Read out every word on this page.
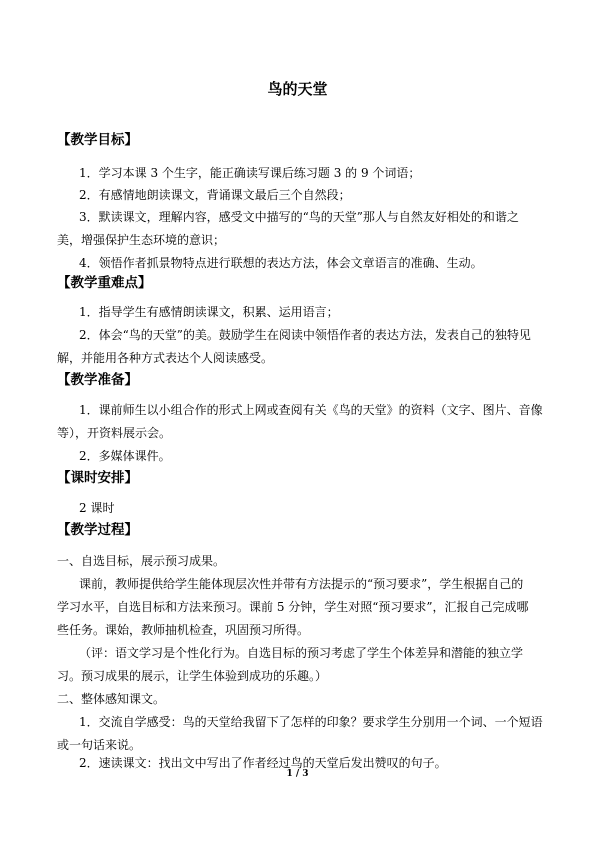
鸟的天堂
【教学目标】
1．学习本课 3 个生字，能正确读写课后练习题 3 的 9 个词语；
2．有感情地朗读课文，背诵课文最后三个自然段；
3．默读课文，理解内容，感受文中描写的“鸟的天堂”那人与自然友好相处的和谐之
美，增强保护生态环境的意识；
4．领悟作者抓景物特点进行联想的表达方法，体会文章语言的准确、生动。
【教学重难点】
1．指导学生有感情朗读课文，积累、运用语言；
2．体会“鸟的天堂”的美。鼓励学生在阅读中领悟作者的表达方法，发表自己的独特见
解，并能用各种方式表达个人阅读感受。
【教学准备】
1．课前师生以小组合作的形式上网或查阅有关《鸟的天堂》的资料（文字、图片、音像
等），开资料展示会。
2．多媒体课件。
【课时安排】
2 课时
【教学过程】
一、自选目标，展示预习成果。
课前，教师提供给学生能体现层次性并带有方法提示的“预习要求”，学生根据自己的
学习水平，自选目标和方法来预习。课前 5 分钟，学生对照“预习要求”，汇报自己完成哪
些任务。课始，教师抽机检查，巩固预习所得。
（评：语文学习是个性化行为。自选目标的预习考虑了学生个体差异和潜能的独立学
习。预习成果的展示，让学生体验到成功的乐趣。）
二、整体感知课文。
1．交流自学感受：鸟的天堂给我留下了怎样的印象？要求学生分别用一个词、一个短语
或一句话来说。
2．速读课文：找出文中写出了作者经过鸟的天堂后发出赞叹的句子。
1 / 3
